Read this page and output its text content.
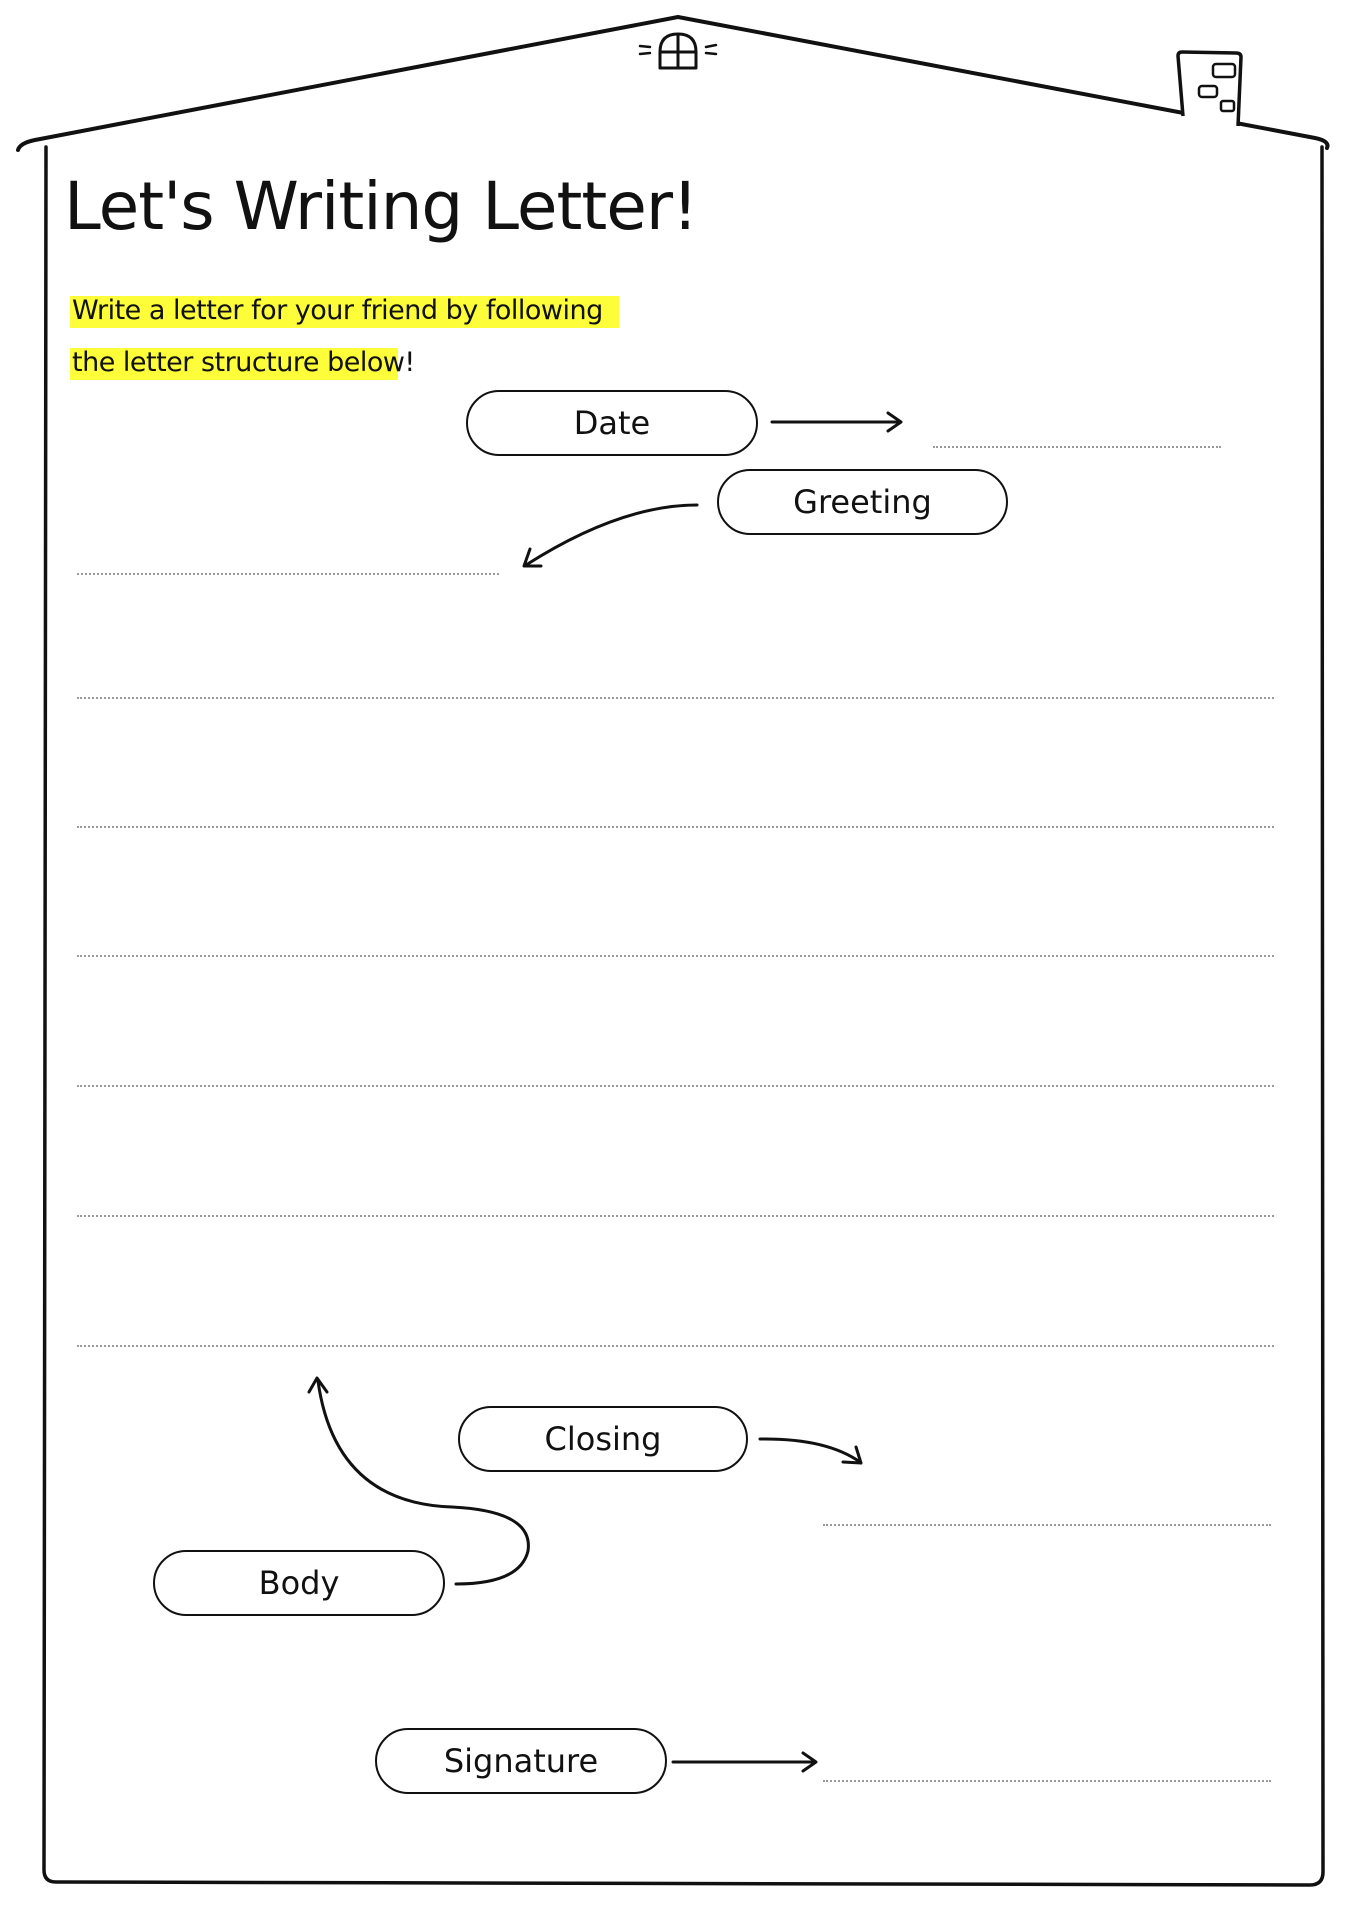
Let's Writing Letter!
Write a letter for your friend by following
the letter structure below!
Date
Greeting
Closing
Body
Signature
